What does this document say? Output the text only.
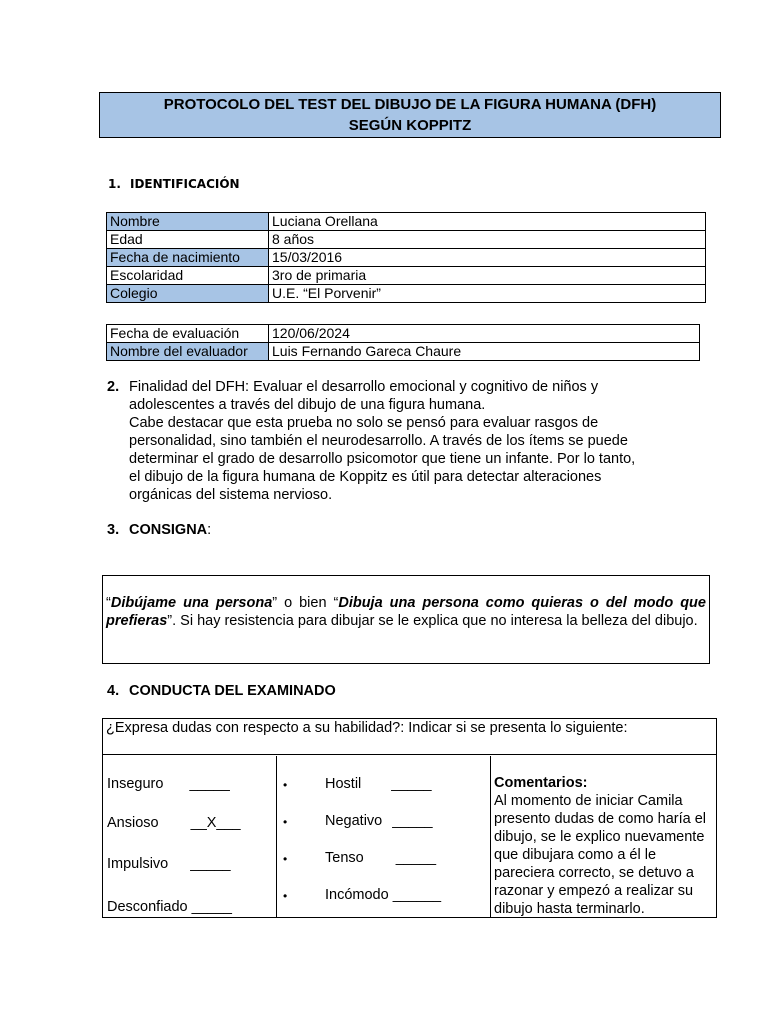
PROTOCOLO DEL TEST DEL DIBUJO DE LA FIGURA HUMANA (DFH)
SEGÚN KOPPITZ
1. IDENTIFICACIÓN
Nombre	Luciana Orellana
Edad	8 años
Fecha de nacimiento	15/03/2016
Escolaridad	3ro de primaria
Colegio	U.E. “El Porvenir”
Fecha de evaluación	120/06/2024
Nombre del evaluador	Luis Fernando Gareca Chaure
2. Finalidad del DFH: Evaluar el desarrollo emocional y cognitivo de niños y
adolescentes a través del dibujo de una figura humana.
Cabe destacar que esta prueba no solo se pensó para evaluar rasgos de
personalidad, sino también el neurodesarrollo. A través de los ítems se puede
determinar el grado de desarrollo psicomotor que tiene un infante. Por lo tanto,
el dibujo de la figura humana de Koppitz es útil para detectar alteraciones
orgánicas del sistema nervioso.
3. CONSIGNA:
“Dibújame una persona” o bien “Dibuja una persona como quieras o del modo que prefieras”. Si hay resistencia para dibujar se le explica que no interesa la belleza del dibujo.
4. CONDUCTA DEL EXAMINADO
¿Expresa dudas con respecto a su habilidad?: Indicar si se presenta lo siguiente:
Inseguro _____
Ansioso __X___
Impulsivo _____
Desconfiado _____
•	Hostil _____
•	Negativo _____
•	Tenso _____
•	Incómodo ______
Comentarios:
Al momento de iniciar Camila presento dudas de como haría el dibujo, se le explico nuevamente que dibujara como a él le pareciera correcto, se detuvo a razonar y empezó a realizar su dibujo hasta terminarlo.
